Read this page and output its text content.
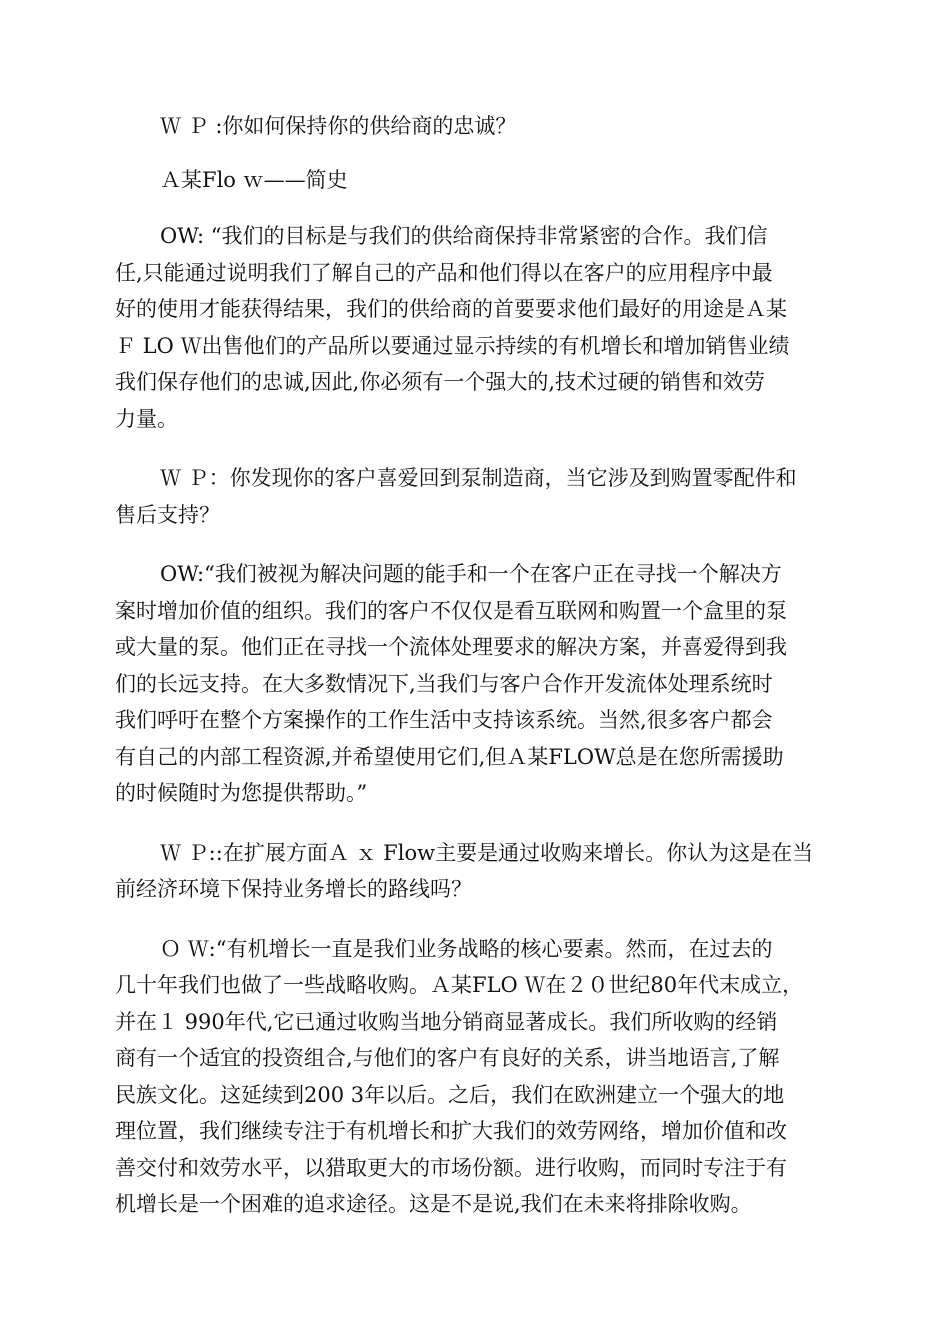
Ｗ Ｐ :你如何保持你的供给商的忠诚？

Ａ某Flo ｗ——简史

OW: “我们的目标是与我们的供给商保持非常紧密的合作。我们信
任,只能通过说明我们了解自己的产品和他们得以在客户的应用程序中最
好的使用才能获得结果，我们的供给商的首要要求他们最好的用途是Ａ某
Ｆ LO Ｗ出售他们的产品所以要通过显示持续的有机增长和增加销售业绩
我们保存他们的忠诚,因此,你必须有一个强大的,技术过硬的销售和效劳
力量。

Ｗ Ｐ：你发现你的客户喜爱回到泵制造商，当它涉及到购置零配件和
售后支持？

OW:“我们被视为解决问题的能手和一个在客户正在寻找一个解决方
案时增加价值的组织。我们的客户不仅仅是看互联网和购置一个盒里的泵
或大量的泵。他们正在寻找一个流体处理要求的解决方案，并喜爱得到我
们的长远支持。在大多数情况下,当我们与客户合作开发流体处理系统时
我们呼吁在整个方案操作的工作生活中支持该系统。当然,很多客户都会
有自己的内部工程资源,并希望使用它们,但Ａ某FLOW总是在您所需援助
的时候随时为您提供帮助。”

Ｗ Ｐ::在扩展方面Ａ ｘ Flow主要是通过收购来增长。你认为这是在当
前经济环境下保持业务增长的路线吗？

Ｏ Ｗ:“有机增长一直是我们业务战略的核心要素。然而，在过去的
几十年我们也做了一些战略收购。Ａ某FLO Ｗ在２０世纪80年代末成立，
并在１ 990年代,它已通过收购当地分销商显著成长。我们所收购的经销
商有一个适宜的投资组合,与他们的客户有良好的关系，讲当地语言,了解
民族文化。这延续到200 3年以后。之后，我们在欧洲建立一个强大的地
理位置，我们继续专注于有机增长和扩大我们的效劳网络，增加价值和改
善交付和效劳水平，以猎取更大的市场份额。进行收购，而同时专注于有
机增长是一个困难的追求途径。这是不是说,我们在未来将排除收购。
